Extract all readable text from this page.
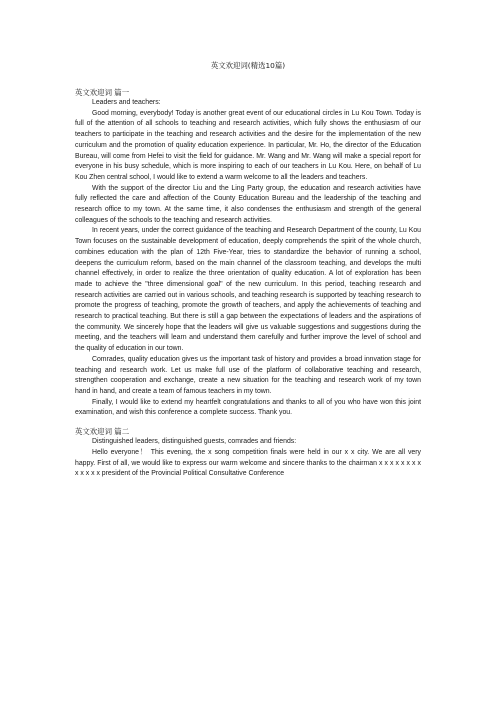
英文欢迎词(精选10篇)
英文欢迎词 篇一

Leaders and teachers:

Good morning, everybody! Today is another great event of our educational circles in Lu Kou Town. Today is full of the attention of all schools to teaching and research activities, which fully shows the enthusiasm of our teachers to participate in the teaching and research activities and the desire for the implementation of the new curriculum and the promotion of quality education experience. In particular, Mr. Ho, the director of the Education Bureau, will come from Hefei to visit the field for guidance. Mr. Wang and Mr. Wang will make a special report for everyone in his busy schedule, which is more inspiring to each of our teachers in Lu Kou. Here, on behalf of Lu Kou Zhen central school, I would like to extend a warm welcome to all the leaders and teachers.

With the support of the director Liu and the Ling Party group, the education and research activities have fully reflected the care and affection of the County Education Bureau and the leadership of the teaching and research office to my town. At the same time, it also condenses the enthusiasm and strength of the general colleagues of the schools to the teaching and research activities.

In recent years, under the correct guidance of the teaching and Research Department of the county, Lu Kou Town focuses on the sustainable development of education, deeply comprehends the spirit of the whole church, combines education with the plan of 12th Five-Year, tries to standardize the behavior of running a school, deepens the curriculum reform, based on the main channel of the classroom teaching, and develops the multi channel effectively, in order to realize the three orientation of quality education. A lot of exploration has been made to achieve the "three dimensional goal" of the new curriculum. In this period, teaching research and research activities are carried out in various schools, and teaching research is supported by teaching research to promote the progress of teaching, promote the growth of teachers, and apply the achievements of teaching and research to practical teaching. But there is still a gap between the expectations of leaders and the aspirations of the community. We sincerely hope that the leaders will give us valuable suggestions and suggestions during the meeting, and the teachers will learn and understand them carefully and further improve the level of school and the quality of education in our town.

Comrades, quality education gives us the important task of history and provides a broad innvation stage for teaching and research work. Let us make full use of the platform of collaborative teaching and research, strengthen cooperation and exchange, create a new situation for the teaching and research work of my town hand in hand, and create a team of famous teachers in my town.

Finally, I would like to extend my heartfelt congratulations and thanks to all of you who have won this joint examination, and wish this conference a complete success. Thank you.

英文欢迎词 篇二

Distinguished leaders, distinguished guests, comrades and friends:

Hello everyone！ This evening, the x song competition finals were held in our x x city. We are all very happy. First of all, we would like to express our warm welcome and sincere thanks to the chairman x x x x x x x x x x x x x president of the Provincial Political Consultative Conference
